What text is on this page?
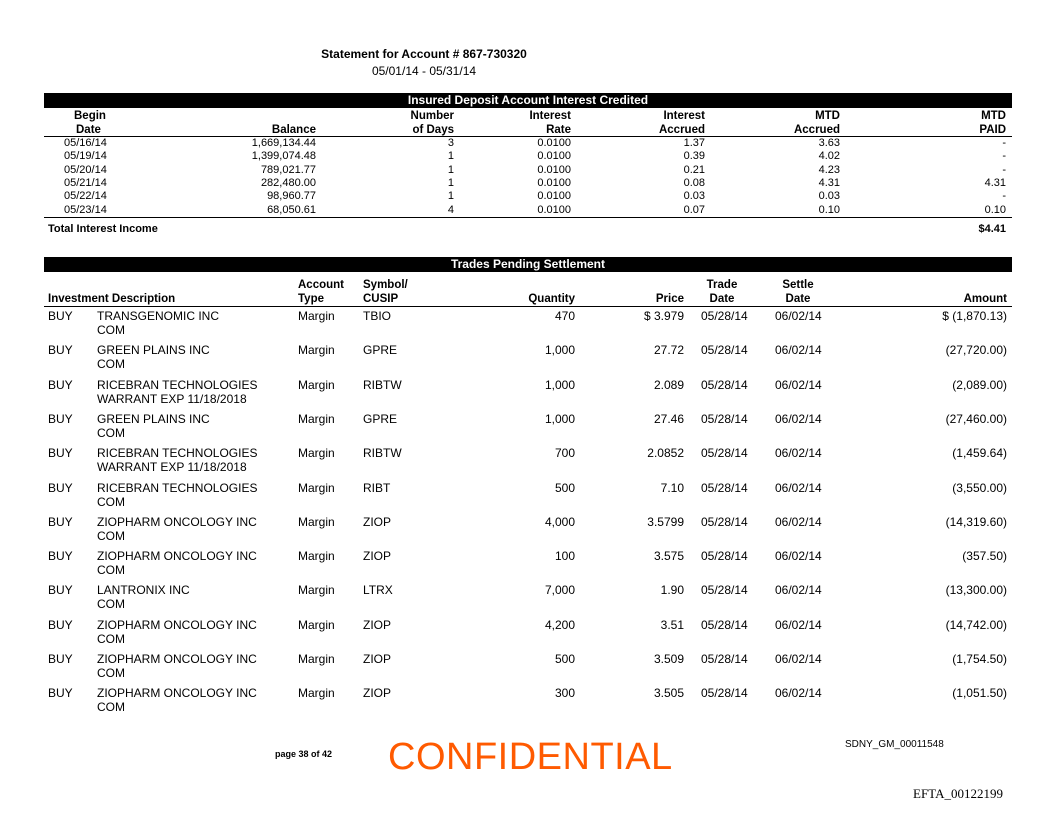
Statement for Account # 867-730320
05/01/14 - 05/31/14
Insured Deposit Account Interest Credited
Begin
Date	Balance
Number
of Days
Interest
Rate
Interest
Accrued
MTD
Accrued
MTD
PAID
05/16/14	1,669,134.44	3	0.0100	1.37	3.63	-
05/19/14	1,399,074.48	1	0.0100	0.39	4.02	-
05/20/14	789,021.77	1	0.0100	0.21	4.23	-
05/21/14	282,480.00	1	0.0100	0.08	4.31	4.31
05/22/14	98,960.77	1	0.0100	0.03	0.03	-
05/23/14	68,050.61	4	0.0100	0.07	0.10	0.10
Total Interest Income	$4.41
Trades Pending Settlement
Investment Description
Account
Type
Symbol/
CUSIP	Quantity	Price
Trade
Date
Settle
Date	Amount
BUY TRANSGENOMIC INC	Margin TBIO	470	$ 3.979 05/28/14 06/02/14	$ (1,870.13)
COM
BUY GREEN PLAINS INC	Margin GPRE	1,000	27.72 05/28/14 06/02/14	(27,720.00)
COM
BUY RICEBRAN TECHNOLOGIES	Margin RIBTW	1,000	2.089 05/28/14 06/02/14	(2,089.00)
WARRANT EXP 11/18/2018
BUY GREEN PLAINS INC	Margin GPRE	1,000	27.46 05/28/14 06/02/14	(27,460.00)
COM
BUY RICEBRAN TECHNOLOGIES	Margin RIBTW	700	2.0852 05/28/14 06/02/14	(1,459.64)
WARRANT EXP 11/18/2018
BUY RICEBRAN TECHNOLOGIES	Margin RIBT	500	7.10 05/28/14 06/02/14	(3,550.00)
COM
BUY ZIOPHARM ONCOLOGY INC	Margin ZIOP	4,000	3.5799 05/28/14 06/02/14	(14,319.60)
COM
BUY ZIOPHARM ONCOLOGY INC	Margin ZIOP	100	3.575 05/28/14 06/02/14	(357.50)
COM
BUY LANTRONIX INC	Margin LTRX	7,000	1.90 05/28/14 06/02/14	(13,300.00)
COM
BUY ZIOPHARM ONCOLOGY INC	Margin ZIOP	4,200	3.51 05/28/14 06/02/14	(14,742.00)
COM
BUY ZIOPHARM ONCOLOGY INC	Margin ZIOP	500	3.509 05/28/14 06/02/14	(1,754.50)
COM
BUY ZIOPHARM ONCOLOGY INC	Margin ZIOP	300	3.505 05/28/14 06/02/14	(1,051.50)
COM
page 38 of 42 CONFIDENTIAL	SDNY_GM_00011548
EFTA_00122199
